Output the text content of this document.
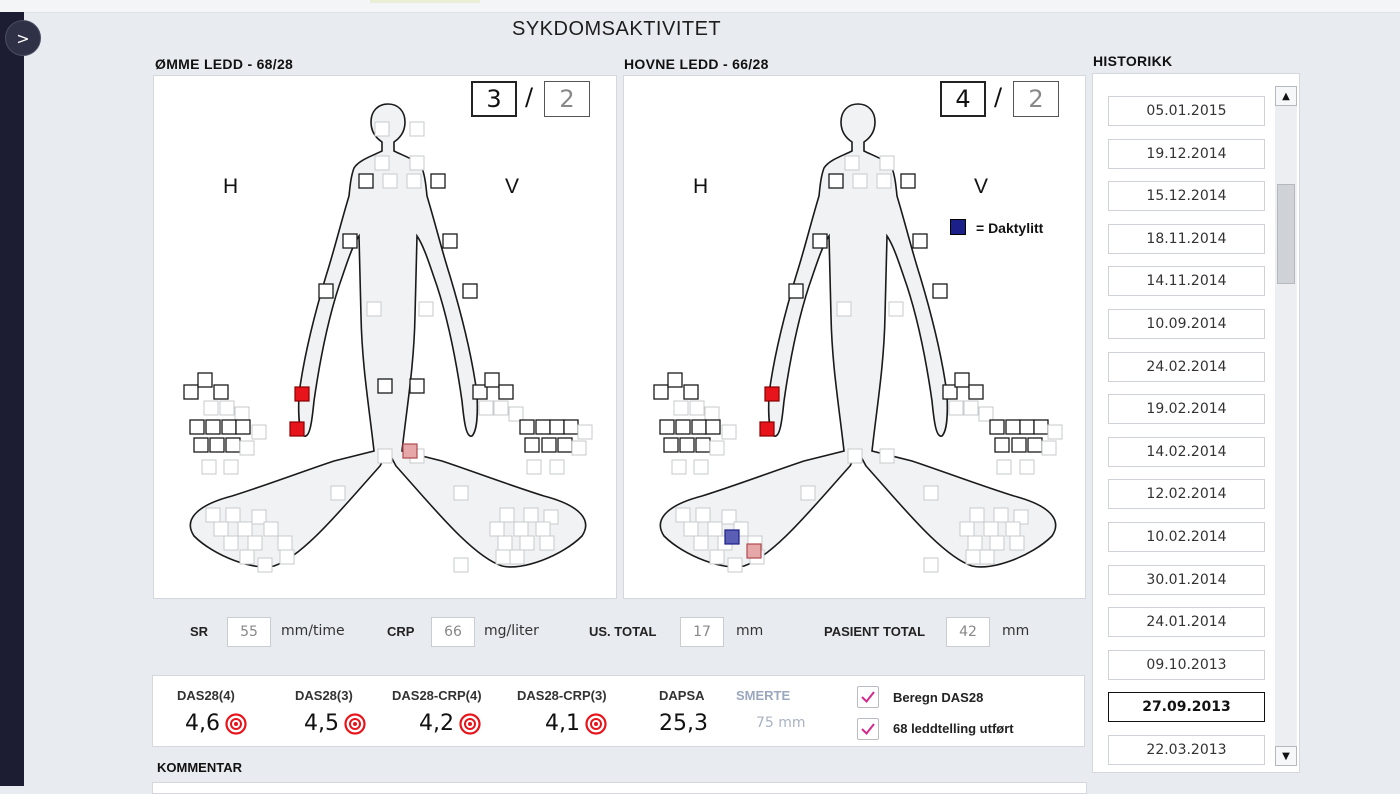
>	SYKDOMSAKTIVITET
ØMME LEDD - 68/28
3 /	2
H	V
HOVNE LEDD - 66/28
4 /	2
H	V
= Daktylitt
SR	55	mm/time	CRP	66	mg/liter	US. TOTAL	17	mm	PASIENT TOTAL	42	mm
DAS28(4)
4,6
DAS28(3)
4,5
DAS28-CRP(4)
4,2
DAS28-CRP(3)
4,1
DAPSA
25,3
SMERTE
75 mm
Beregn DAS28
68 leddtelling utført
KOMMENTAR
HISTORIKK
05.01.2015
19.12.2014
15.12.2014
18.11.2014
14.11.2014
10.09.2014
24.02.2014
19.02.2014
14.02.2014
12.02.2014
10.02.2014
30.01.2014
24.01.2014
09.10.2013
27.09.2013
22.03.2013
▲
▼
